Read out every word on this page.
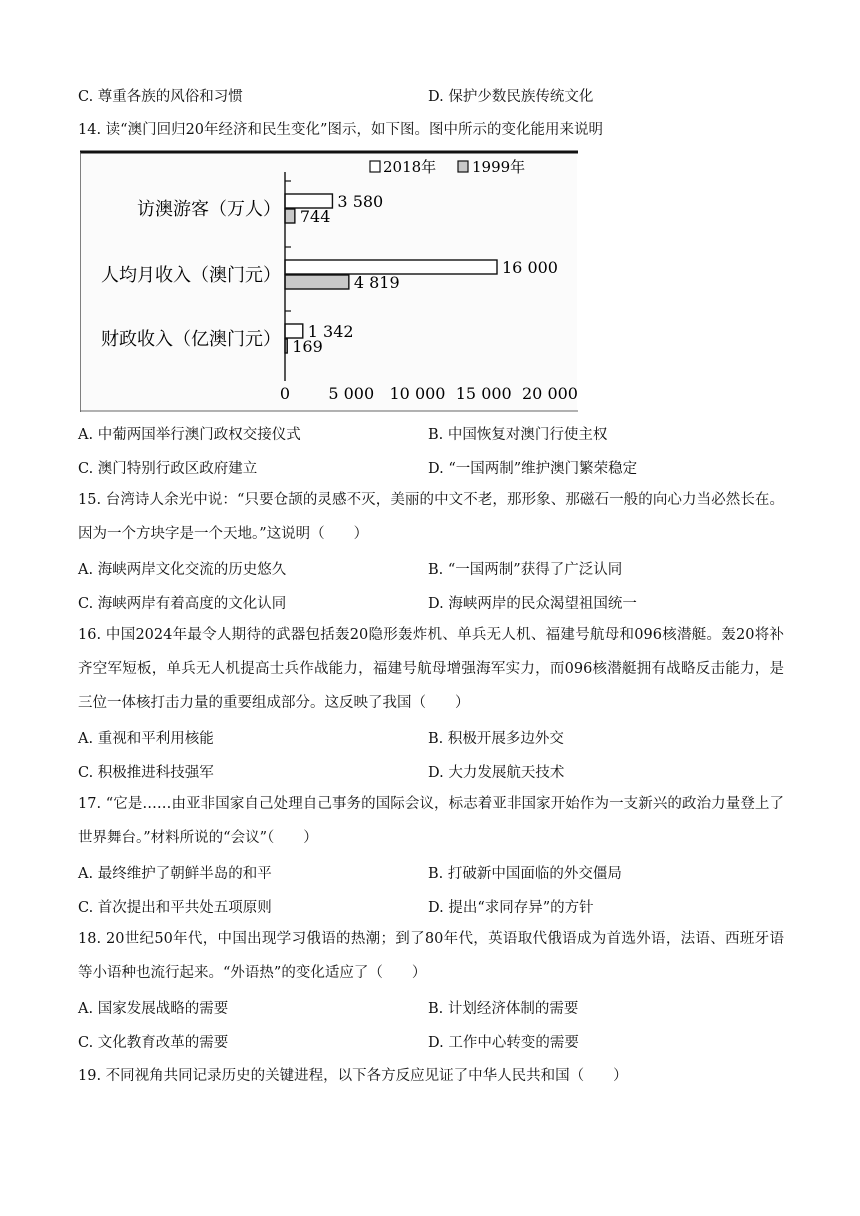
C. 尊重各族的风俗和习惯	D. 保护少数民族传统文化
14. 读“澳门回归20年经济和民生变化”图示，如下图。图中所示的变化能用来说明
2018年 1999年
访澳游客（万人）
人均月收入（澳门元）
财政收入（亿澳门元）
3 580
744
16 000
4 819
1 342
169
0 5 000 10 000 15 000 20 000
A. 中葡两国举行澳门政权交接仪式	B. 中国恢复对澳门行使主权
C. 澳门特别行政区政府建立	D. “一国两制”维护澳门繁荣稳定
15. 台湾诗人余光中说：“只要仓颉的灵感不灭，美丽的中文不老，那形象、那磁石一般的向心力当必然长在。因为一个方块字是一个天地。”这说明（　　）
A. 海峡两岸文化交流的历史悠久	B. “一国两制”获得了广泛认同
C. 海峡两岸有着高度的文化认同	D. 海峡两岸的民众渴望祖国统一
16. 中国2024年最令人期待的武器包括轰20隐形轰炸机、单兵无人机、福建号航母和096核潜艇。轰20将补齐空军短板，单兵无人机提高士兵作战能力，福建号航母增强海军实力，而096核潜艇拥有战略反击能力，是三位一体核打击力量的重要组成部分。这反映了我国（　　）
A. 重视和平利用核能	B. 积极开展多边外交
C. 积极推进科技强军	D. 大力发展航天技术
17. “它是……由亚非国家自己处理自己事务的国际会议，标志着亚非国家开始作为一支新兴的政治力量登上了世界舞台。”材料所说的“会议”（　　）
A. 最终维护了朝鲜半岛的和平	B. 打破新中国面临的外交僵局
C. 首次提出和平共处五项原则	D. 提出“求同存异”的方针
18. 20世纪50年代，中国出现学习俄语的热潮；到了80年代，英语取代俄语成为首选外语，法语、西班牙语等小语种也流行起来。“外语热”的变化适应了（　　）
A. 国家发展战略的需要	B. 计划经济体制的需要
C. 文化教育改革的需要	D. 工作中心转变的需要
19. 不同视角共同记录历史的关键进程，以下各方反应见证了中华人民共和国（　　）
